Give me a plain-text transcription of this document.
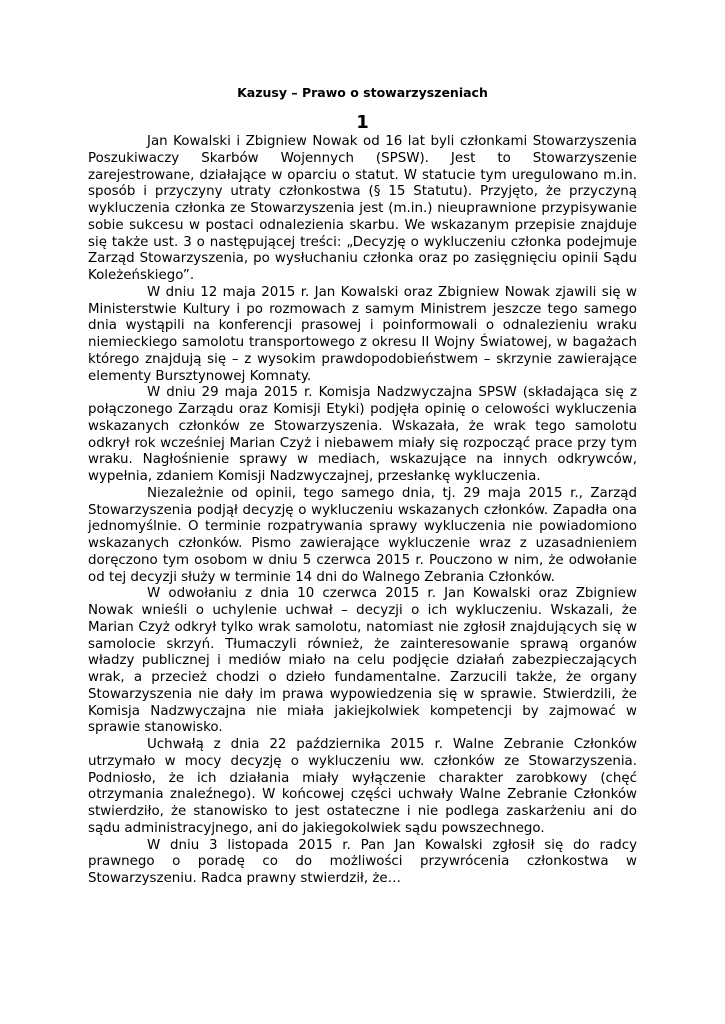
Kazusy – Prawo o stowarzyszeniach
1

Jan Kowalski i Zbigniew Nowak od 16 lat byli członkami Stowarzyszenia Poszukiwaczy Skarbów Wojennych (SPSW). Jest to Stowarzyszenie zarejestrowane, działające w oparciu o statut. W statucie tym uregulowano m.in. sposób i przyczyny utraty członkostwa (§ 15 Statutu). Przyjęto, że przyczyną wykluczenia członka ze Stowarzyszenia jest (m.in.) nieuprawnione przypisywanie sobie sukcesu w postaci odnalezienia skarbu. We wskazanym przepisie znajduje się także ust. 3 o następującej treści: „Decyzję o wykluczeniu członka podejmuje Zarząd Stowarzyszenia, po wysłuchaniu członka oraz po zasięgnięciu opinii Sądu Koleżeńskiego”.

W dniu 12 maja 2015 r. Jan Kowalski oraz Zbigniew Nowak zjawili się w Ministerstwie Kultury i po rozmowach z samym Ministrem jeszcze tego samego dnia wystąpili na konferencji prasowej i poinformowali o odnalezieniu wraku niemieckiego samolotu transportowego z okresu II Wojny Światowej, w bagażach którego znajdują się – z wysokim prawdopodobieństwem – skrzynie zawierające elementy Bursztynowej Komnaty.

W dniu 29 maja 2015 r. Komisja Nadzwyczajna SPSW (składająca się z połączonego Zarządu oraz Komisji Etyki) podjęła opinię o celowości wykluczenia wskazanych członków ze Stowarzyszenia. Wskazała, że wrak tego samolotu odkrył rok wcześniej Marian Czyż i niebawem miały się rozpocząć prace przy tym wraku. Nagłośnienie sprawy w mediach, wskazujące na innych odkrywców, wypełnia, zdaniem Komisji Nadzwyczajnej, przesłankę wykluczenia.

Niezależnie od opinii, tego samego dnia, tj. 29 maja 2015 r., Zarząd Stowarzyszenia podjął decyzję o wykluczeniu wskazanych członków. Zapadła ona jednomyślnie. O terminie rozpatrywania sprawy wykluczenia nie powiadomiono wskazanych członków. Pismo zawierające wykluczenie wraz z uzasadnieniem doręczono tym osobom w dniu 5 czerwca 2015 r. Pouczono w nim, że odwołanie od tej decyzji służy w terminie 14 dni do Walnego Zebrania Członków.

W odwołaniu z dnia 10 czerwca 2015 r. Jan Kowalski oraz Zbigniew Nowak wnieśli o uchylenie uchwał – decyzji o ich wykluczeniu. Wskazali, że Marian Czyż odkrył tylko wrak samolotu, natomiast nie zgłosił znajdujących się w samolocie skrzyń. Tłumaczyli również, że zainteresowanie sprawą organów władzy publicznej i mediów miało na celu podjęcie działań zabezpieczających wrak, a przecież chodzi o dzieło fundamentalne. Zarzucili także, że organy Stowarzyszenia nie dały im prawa wypowiedzenia się w sprawie. Stwierdzili, że Komisja Nadzwyczajna nie miała jakiejkolwiek kompetencji by zajmować w sprawie stanowisko.

Uchwałą z dnia 22 października 2015 r. Walne Zebranie Członków utrzymało w mocy decyzję o wykluczeniu ww. członków ze Stowarzyszenia. Podniosło, że ich działania miały wyłączenie charakter zarobkowy (chęć otrzymania znaleźnego). W końcowej części uchwały Walne Zebranie Członków stwierdziło, że stanowisko to jest ostateczne i nie podlega zaskarżeniu ani do sądu administracyjnego, ani do jakiegokolwiek sądu powszechnego.

W dniu 3 listopada 2015 r. Pan Jan Kowalski zgłosił się do radcy prawnego o poradę co do możliwości przywrócenia członkostwa w Stowarzyszeniu. Radca prawny stwierdził, że…
